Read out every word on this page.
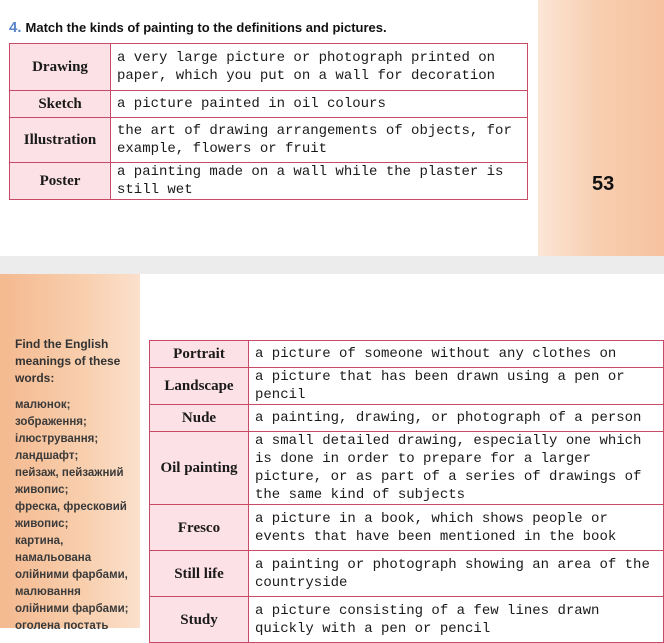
4. Match the kinds of painting to the definitions and pictures.
Drawing	a very large picture or photograph printed on paper, which you put on a wall for decoration
Sketch	a picture painted in oil colours
Illustration	the art of drawing arrangements of objects, for example, flowers or fruit
Poster	a painting made on a wall while the plaster is still wet	53
Find the English meanings of these words:
малюнок;
зображення;
ілюстрування;
ландшафт;
пейзаж, пейзажний
живопис;
фреска, фресковий
живопис;
картина,
намальована
олійними фарбами,
малювання
олійними фарбами;
оголена постать
Portrait	a picture of someone without any clothes on
Landscape	a picture that has been drawn using a pen or pencil
Nude	a painting, drawing, or photograph of a person
Oil painting	a small detailed drawing, especially one which is done in order to prepare for a larger picture, or as part of a series of drawings of the same kind of subjects
Fresco	a picture in a book, which shows people or events that have been mentioned in the book
Still life	a painting or photograph showing an area of the countryside
Study	a picture consisting of a few lines drawn quickly with a pen or pencil
